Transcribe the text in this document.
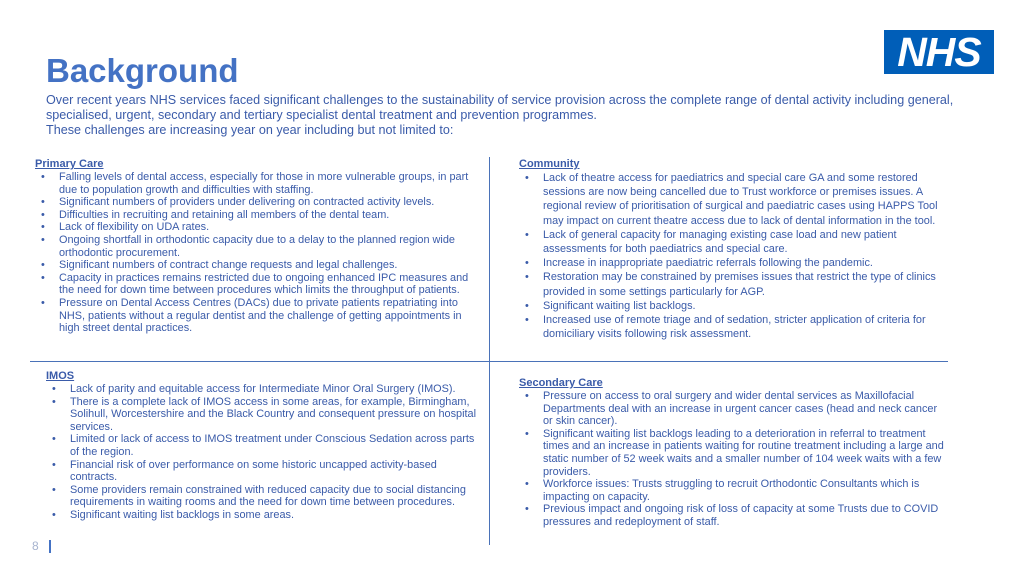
Background	NHS
Over recent years NHS services faced significant challenges to the sustainability of service provision across the complete range of dental activity including general,
specialised, urgent, secondary and tertiary specialist dental treatment and prevention programmes.
These challenges are increasing year on year including but not limited to:
Primary Care
• Falling levels of dental access, especially for those in more vulnerable groups, in part due to population growth and difficulties with staffing.
• Significant numbers of providers under delivering on contracted activity levels.
• Difficulties in recruiting and retaining all members of the dental team.
• Lack of flexibility on UDA rates.
• Ongoing shortfall in orthodontic capacity due to a delay to the planned region wide orthodontic procurement.
• Significant numbers of contract change requests and legal challenges.
• Capacity in practices remains restricted due to ongoing enhanced IPC measures and the need for down time between procedures which limits the throughput of patients.
• Pressure on Dental Access Centres (DACs) due to private patients repatriating into NHS, patients without a regular dentist and the challenge of getting appointments in high street dental practices.
Community
• Lack of theatre access for paediatrics and special care GA and some restored sessions are now being cancelled due to Trust workforce or premises issues. A regional review of prioritisation of surgical and paediatric cases using HAPPS Tool may impact on current theatre access due to lack of dental information in the tool.
• Lack of general capacity for managing existing case load and new patient assessments for both paediatrics and special care.
• Increase in inappropriate paediatric referrals following the pandemic.
• Restoration may be constrained by premises issues that restrict the type of clinics provided in some settings particularly for AGP.
• Significant waiting list backlogs.
• Increased use of remote triage and of sedation, stricter application of criteria for domiciliary visits following risk assessment.
IMOS
• Lack of parity and equitable access for Intermediate Minor Oral Surgery (IMOS).
• There is a complete lack of IMOS access in some areas, for example, Birmingham, Solihull, Worcestershire and the Black Country and consequent pressure on hospital services.
• Limited or lack of access to IMOS treatment under Conscious Sedation across parts of the region.
• Financial risk of over performance on some historic uncapped activity-based contracts.
• Some providers remain constrained with reduced capacity due to social distancing requirements in waiting rooms and the need for down time between procedures.
• Significant waiting list backlogs in some areas.
Secondary Care
• Pressure on access to oral surgery and wider dental services as Maxillofacial Departments deal with an increase in urgent cancer cases (head and neck cancer or skin cancer).
• Significant waiting list backlogs leading to a deterioration in referral to treatment times and an increase in patients waiting for routine treatment including a large and static number of 52 week waits and a smaller number of 104 week waits with a few providers.
• Workforce issues: Trusts struggling to recruit Orthodontic Consultants which is impacting on capacity.
• Previous impact and ongoing risk of loss of capacity at some Trusts due to COVID pressures and redeployment of staff.
8
